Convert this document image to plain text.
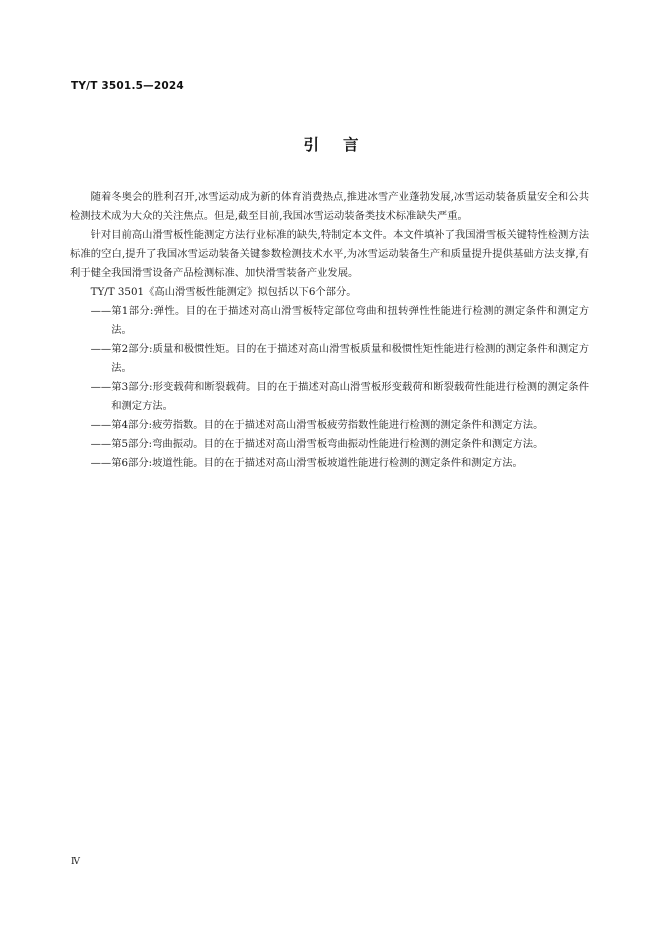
TY/T 3501.5—2024
引言

随着冬奥会的胜利召开,冰雪运动成为新的体育消费热点,推进冰雪产业蓬勃发展,冰雪运动装备质量安全和公共检测技术成为大众的关注焦点。但是,截至目前,我国冰雪运动装备类技术标准缺失严重。

针对目前高山滑雪板性能测定方法行业标准的缺失,特制定本文件。本文件填补了我国滑雪板关键特性检测方法标准的空白,提升了我国冰雪运动装备关键参数检测技术水平,为冰雪运动装备生产和质量提升提供基础方法支撑,有利于健全我国滑雪设备产品检测标准、加快滑雪装备产业发展。

TY/T 3501《高山滑雪板性能测定》拟包括以下6个部分。

—— 第1部分:弹性。目的在于描述对高山滑雪板特定部位弯曲和扭转弹性性能进行检测的测定条件和测定方法。
—— 第2部分:质量和极惯性矩。目的在于描述对高山滑雪板质量和极惯性矩性能进行检测的测定条件和测定方法。
—— 第3部分:形变载荷和断裂载荷。目的在于描述对高山滑雪板形变载荷和断裂载荷性能进行检测的测定条件和测定方法。
—— 第4部分:疲劳指数。目的在于描述对高山滑雪板疲劳指数性能进行检测的测定条件和测定方法。
—— 第5部分:弯曲振动。目的在于描述对高山滑雪板弯曲振动性能进行检测的测定条件和测定方法。
—— 第6部分:坡道性能。目的在于描述对高山滑雪板坡道性能进行检测的测定条件和测定方法。
Ⅳ
